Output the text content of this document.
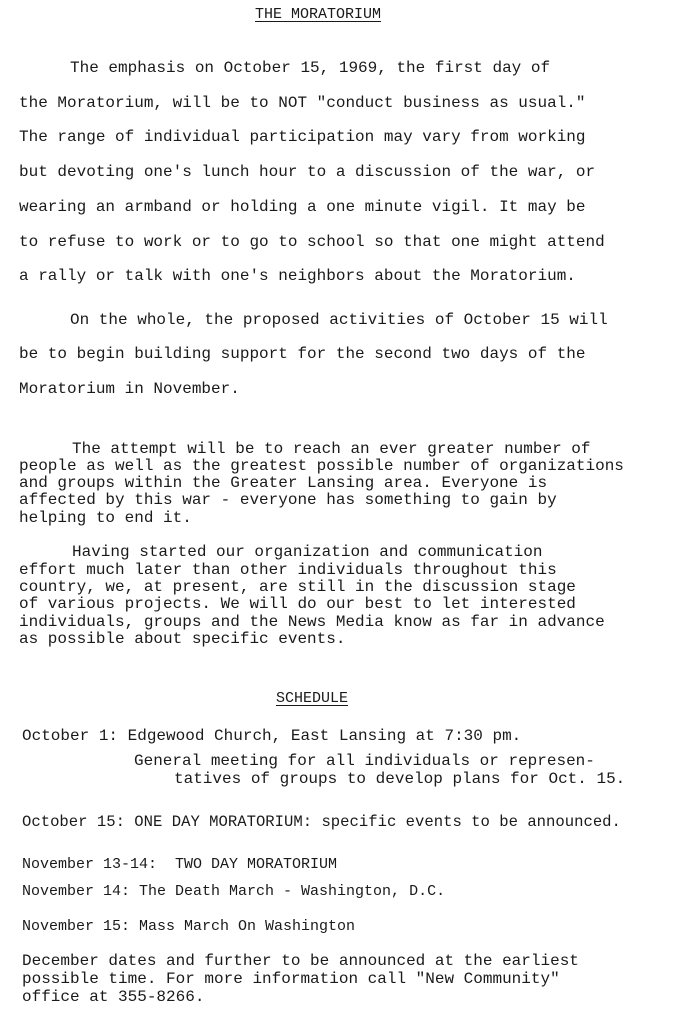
THE MORATORIUM
The emphasis on October 15, 1969, the first day of
the Moratorium, will be to NOT "conduct business as usual."
The range of individual participation may vary from working
but devoting one's lunch hour to a discussion of the war, or
wearing an armband or holding a one minute vigil. It may be
to refuse to work or to go to school so that one might attend
a rally or talk with one's neighbors about the Moratorium.
On the whole, the proposed activities of October 15 will
be to begin building support for the second two days of the
Moratorium in November.
The attempt will be to reach an ever greater number of
people as well as the greatest possible number of organizations
and groups within the Greater Lansing area. Everyone is
affected by this war - everyone has something to gain by
helping to end it.
Having started our organization and communication
effort much later than other individuals throughout this
country, we, at present, are still in the discussion stage
of various projects. We will do our best to let interested
individuals, groups and the News Media know as far in advance
as possible about specific events.
SCHEDULE
October 1: Edgewood Church, East Lansing at 7:30 pm.
General meeting for all individuals or represen-
tatives of groups to develop plans for Oct. 15.
October 15: ONE DAY MORATORIUM: specific events to be announced.
November 13-14:  TWO DAY MORATORIUM
November 14: The Death March - Washington, D.C.
November 15: Mass March On Washington
December dates and further to be announced at the earliest
possible time. For more information call "New Community"
office at 355-8266.
